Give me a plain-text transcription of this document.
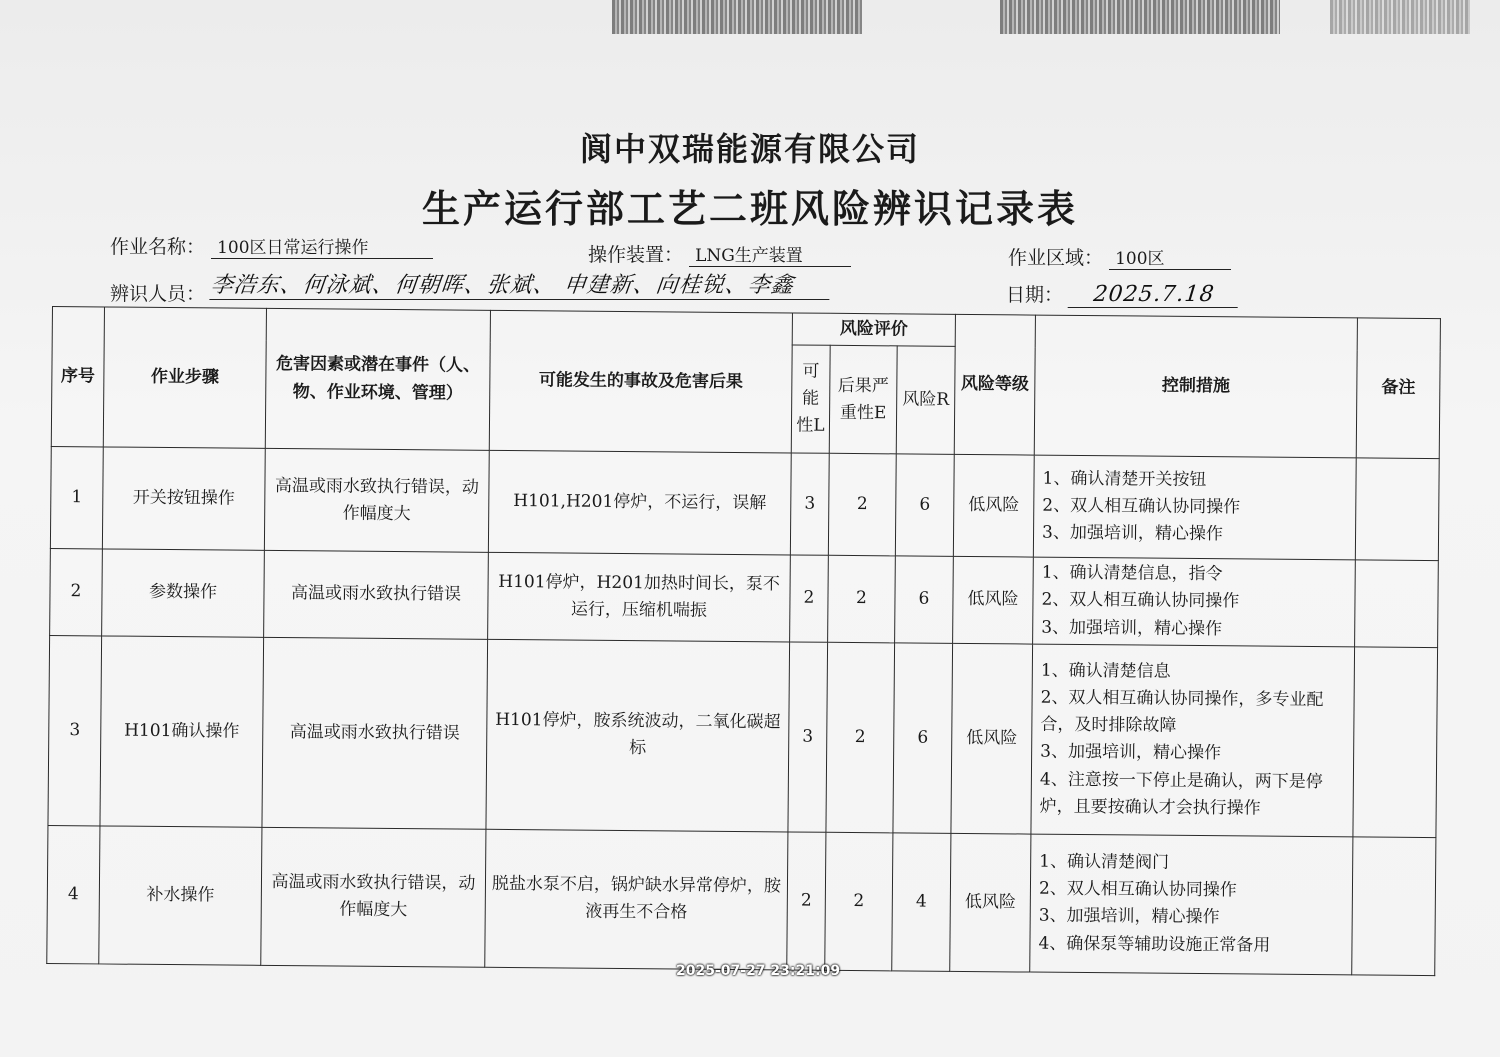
阆中双瑞能源有限公司
生产运行部工艺二班风险辨识记录表
作业名称： 100区日常运行操作	操作装置： LNG生产装置	作业区域： 100区
辨识人员： 李浩东、何泳斌、何朝晖、张斌、 申建新、向桂锐、李鑫	日期： 2025.7.18
序号	作业步骤	危害因素或潜在事件（人、物、作业环境、管理）	可能发生的事故及危害后果	风险评价			风险等级	控制措施	备注
				可能性L	后果严重性E	风险R			
1	开关按钮操作	高温或雨水致执行错误，动作幅度大	H101,H201停炉，不运行，误解	3	2	6	低风险	1、确认清楚开关按钮
2、双人相互确认协同操作
3、加强培训，精心操作	

2	参数操作	高温或雨水致执行错误	H101停炉，H201加热时间长，泵不运行，压缩机喘振	2	2	6	低风险	1、确认清楚信息，指令
2、双人相互确认协同操作
3、加强培训，精心操作	

3	H101确认操作	高温或雨水致执行错误	H101停炉，胺系统波动，二氧化碳超标	3	2	6	低风险	1、确认清楚信息
2、双人相互确认协同操作，多专业配合，及时排除故障
3、加强培训，精心操作
4、注意按一下停止是确认，两下是停炉，且要按确认才会执行操作	

4	补水操作	高温或雨水致执行错误，动作幅度大	脱盐水泵不启，锅炉缺水异常停炉，胺液再生不合格	2	2	4	低风险	1、确认清楚阀门
2、双人相互确认协同操作
3、加强培训，精心操作
4、确保泵等辅助设施正常备用	

2025-07-27 23:21:09
